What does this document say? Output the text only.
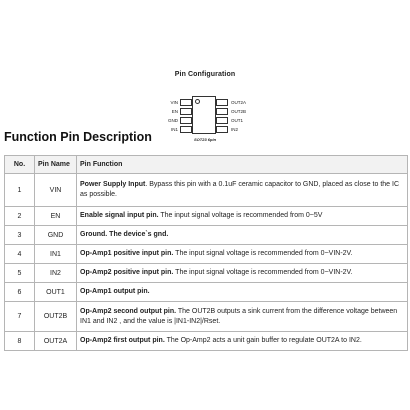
Pin Configuration
VIN
EN
GND
IN1
OUT2A
OUT2B
OUT1
IN2
SOT23 6pin
Function Pin Description
No.	Pin Name	Pin Function
1	VIN	Power Supply Input. Bypass this pin with a 0.1uF ceramic capacitor to GND, placed as close to the IC as possible.
2	EN	Enable signal input pin. The input signal voltage is recommended from 0~5V
3	GND	Ground. The device`s gnd.
4	IN1	Op-Amp1 positive input pin. The input signal voltage is recommended from 0~VIN-2V.
5	IN2	Op-Amp2 positive input pin. The input signal voltage is recommended from 0~VIN-2V.
6	OUT1	Op-Amp1 output pin.
7	OUT2B	Op-Amp2 second output pin. The OUT2B outputs a sink current from the difference voltage between IN1 and IN2 , and the value is |IN1-IN2|/Rset.
8	OUT2A	Op-Amp2 first output pin. The Op-Amp2 acts a unit gain buffer to regulate OUT2A to IN2.
